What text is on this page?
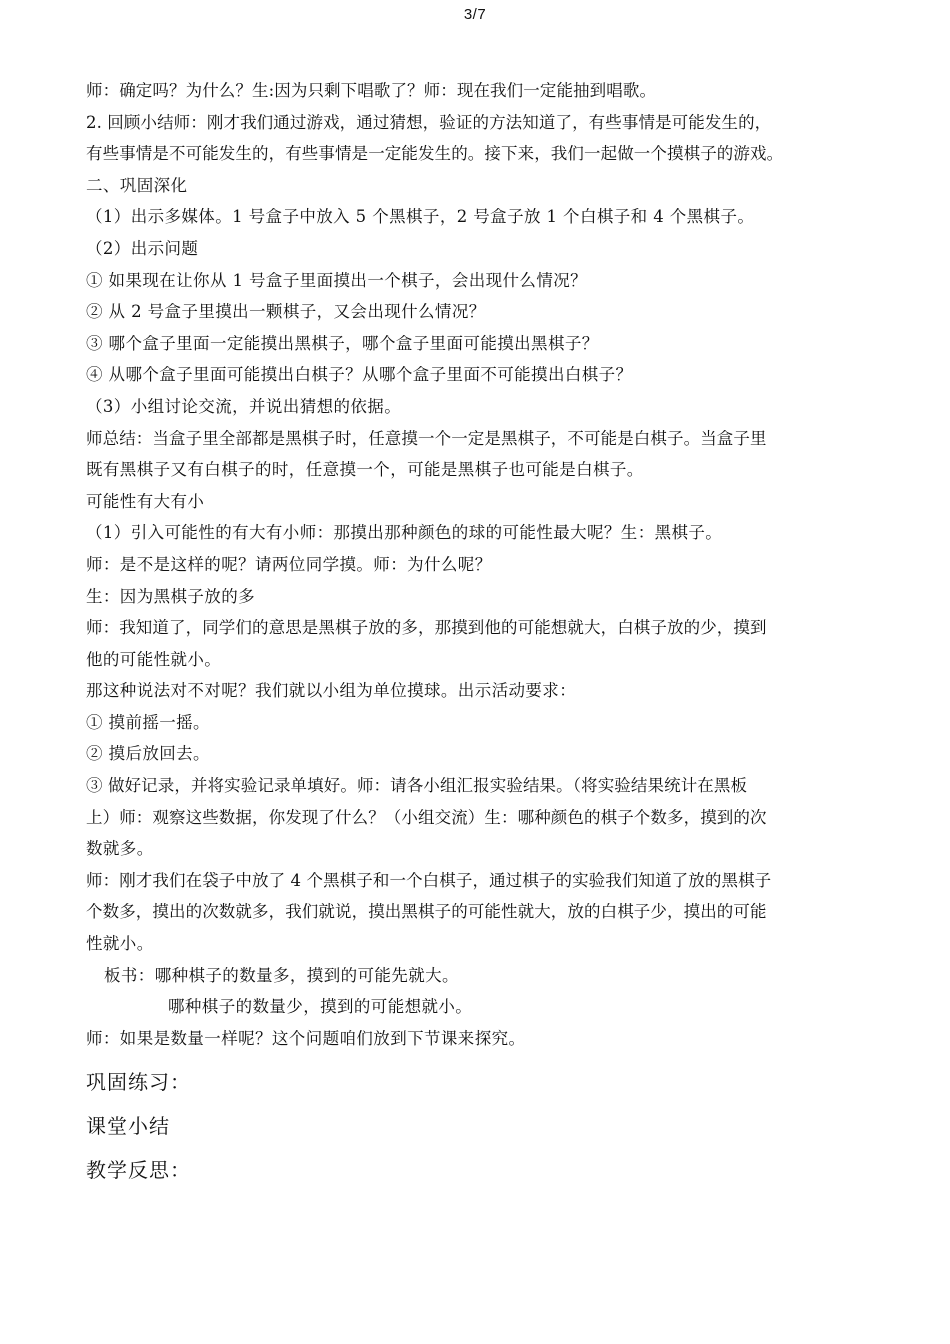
3/7
师：确定吗？为什么？生:因为只剩下唱歌了？师：现在我们一定能抽到唱歌。
2. 回顾小结师：刚才我们通过游戏，通过猜想，验证的方法知道了，有些事情是可能发生的，
有些事情是不可能发生的，有些事情是一定能发生的。接下来，我们一起做一个摸棋子的游戏。
二、巩固深化
（1）出示多媒体。1 号盒子中放入 5 个黑棋子，2 号盒子放 1 个白棋子和 4 个黑棋子。
（2）出示问题
① 如果现在让你从 1 号盒子里面摸出一个棋子，会出现什么情况？
② 从 2 号盒子里摸出一颗棋子，又会出现什么情况？
③ 哪个盒子里面一定能摸出黑棋子，哪个盒子里面可能摸出黑棋子？
④ 从哪个盒子里面可能摸出白棋子？从哪个盒子里面不可能摸出白棋子？
（3）小组讨论交流，并说出猜想的依据。
师总结：当盒子里全部都是黑棋子时，任意摸一个一定是黑棋子，不可能是白棋子。当盒子里
既有黑棋子又有白棋子的时，任意摸一个，可能是黑棋子也可能是白棋子。
可能性有大有小
（1）引入可能性的有大有小师：那摸出那种颜色的球的可能性最大呢？生：黑棋子。
师：是不是这样的呢？请两位同学摸。师：为什么呢？
生：因为黑棋子放的多
师：我知道了，同学们的意思是黑棋子放的多，那摸到他的可能想就大，白棋子放的少，摸到
他的可能性就小。
那这种说法对不对呢？我们就以小组为单位摸球。出示活动要求：
① 摸前摇一摇。
② 摸后放回去。
③ 做好记录，并将实验记录单填好。师：请各小组汇报实验结果。（将实验结果统计在黑板
上）师：观察这些数据，你发现了什么？（小组交流）生：哪种颜色的棋子个数多，摸到的次
数就多。
师：刚才我们在袋子中放了 4 个黑棋子和一个白棋子，通过棋子的实验我们知道了放的黑棋子
个数多，摸出的次数就多，我们就说，摸出黑棋子的可能性就大，放的白棋子少，摸出的可能
性就小。
板书：哪种棋子的数量多，摸到的可能先就大。
哪种棋子的数量少，摸到的可能想就小。
师：如果是数量一样呢？这个问题咱们放到下节课来探究。
巩固练习：
课堂小结
教学反思：
